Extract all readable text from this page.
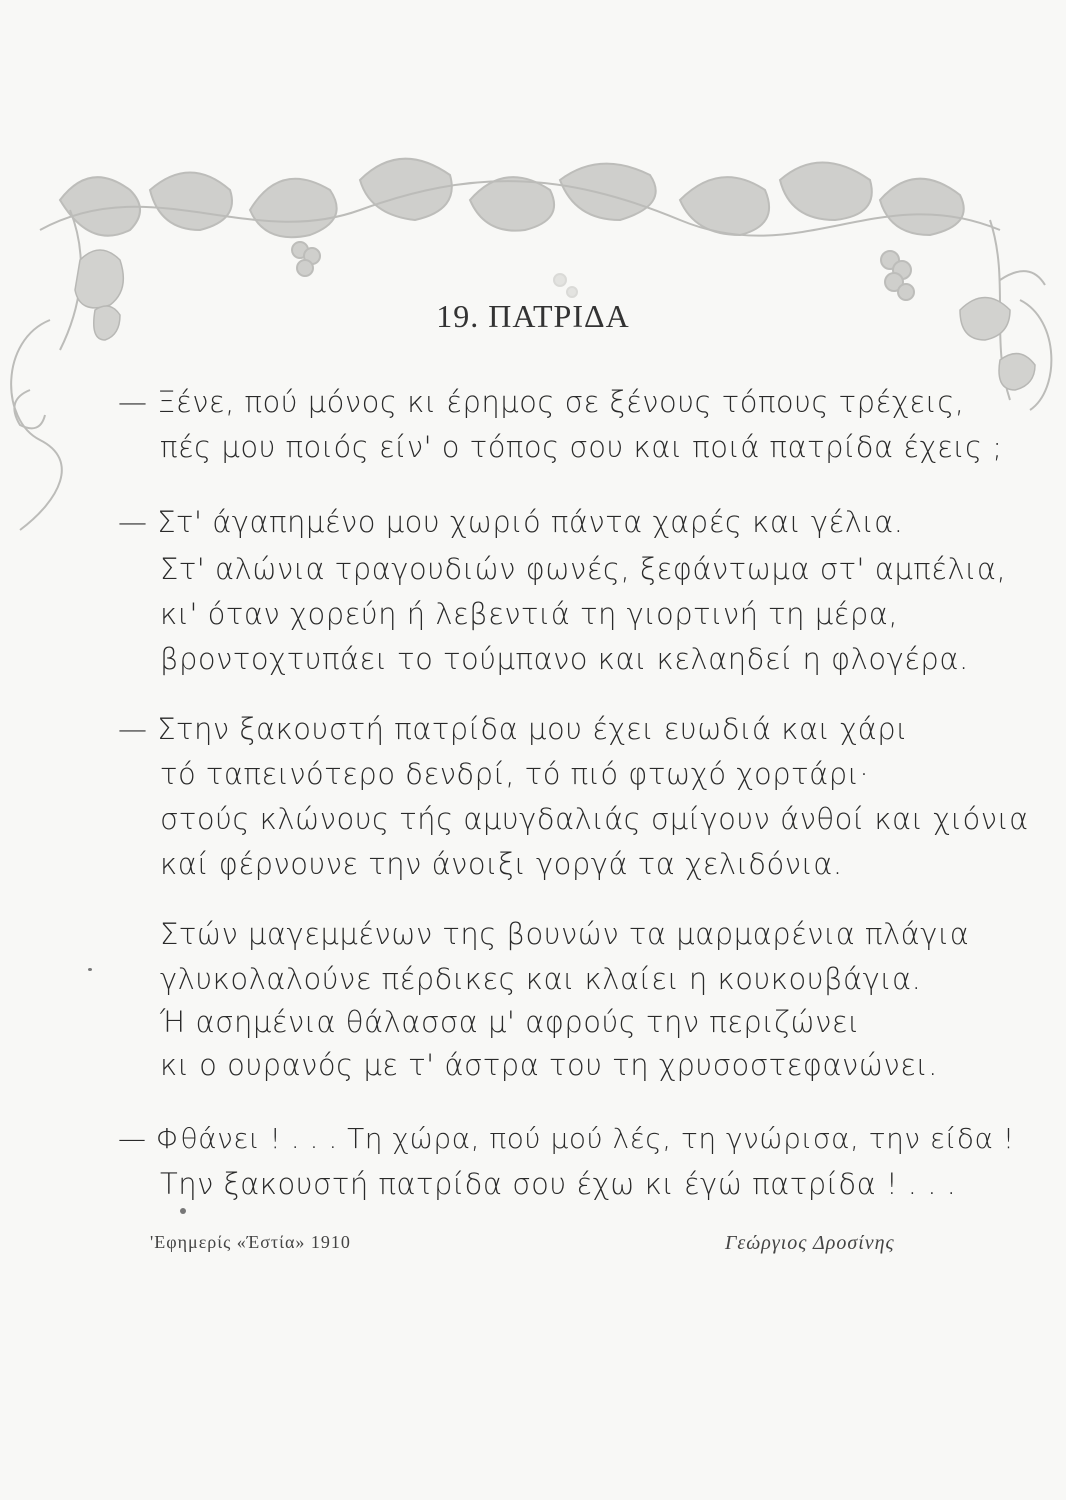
19. ΠΑΤΡΙΔΑ
— Ξένε, πού μόνος κι έρημος σε ξένους τόπους τρέχεις,
πές μου ποιός είν' ο τόπος σου και ποιά πατρίδα έχεις ;
— Στ' άγαπημένο μου χωριό πάντα χαρές και γέλια.
Στ' αλώνια τραγουδιών φωνές, ξεφάντωμα στ' αμπέλια,
κι' όταν χορεύη ή λεβεντιά τη γιορτινή τη μέρα,
βροντοχτυπάει το τούμπανο και κελαηδεί η φλογέρα.
— Στην ξακουστή πατρίδα μου έχει ευωδιά και χάρι
τό ταπεινότερο δενδρί, τό πιό φτωχό χορτάρι·
στούς κλώνους τής αμυγδαλιάς σμίγουν άνθοί και χιόνια
καί φέρνουνε την άνοιξι γοργά τα χελιδόνια.
Στών μαγεμμένων της βουνών τα μαρμαρένια πλάγια
γλυκολαλούνε πέρδικες και κλαίει η κουκουβάγια.
Ή ασημένια θάλασσα μ' αφρούς την περιζώνει
κι ο ουρανός με τ' άστρα του τη χρυσοστεφανώνει.
— Φθάνει ! . . . Τη χώρα, πού μού λές, τη γνώρισα, την είδα !
Την ξακουστή πατρίδα σου έχω κι έγώ πατρίδα ! . . .
'Εφημερίς «Έστία» 1910	Γεώργιος Δροσίνης
